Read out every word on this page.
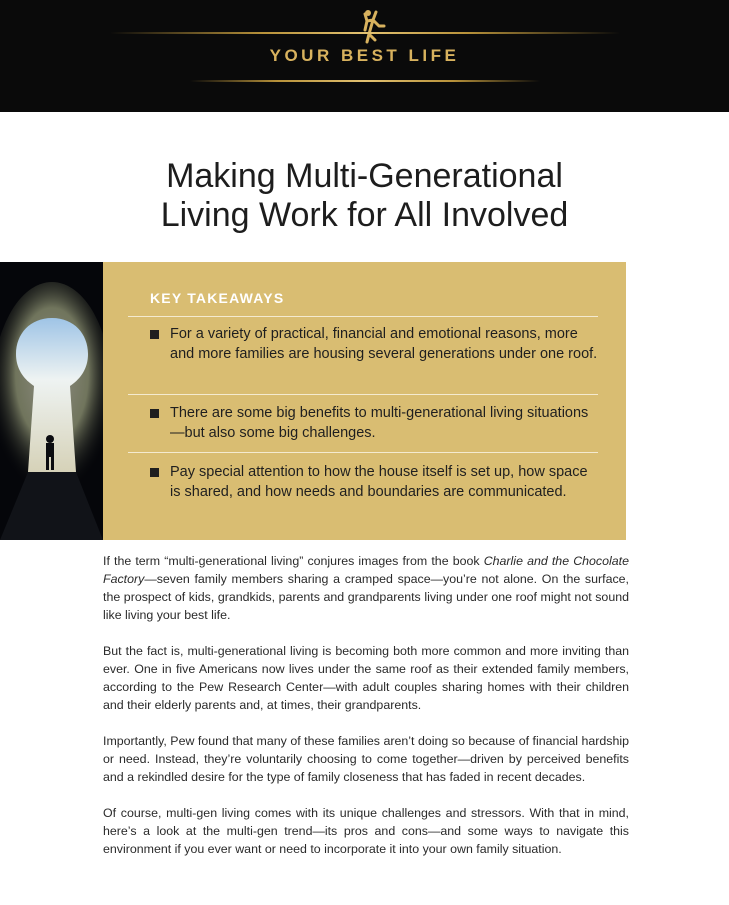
YOUR BEST LIFE
Making Multi-Generational
Living Work for All Involved
KEY TAKEAWAYS
For a variety of practical, financial and emotional reasons, more and more families are housing several generations under one roof.
There are some big benefits to multi-generational living situations—but also some big challenges.
Pay special attention to how the house itself is set up, how space is shared, and how needs and boundaries are communicated.

If the term “multi-generational living” conjures images from the book Charlie and the Chocolate Factory—seven family members sharing a cramped space—you’re not alone. On the surface, the prospect of kids, grandkids, parents and grandparents living under one roof might not sound like living your best life.

But the fact is, multi-generational living is becoming both more common and more inviting than ever. One in five Americans now lives under the same roof as their extended family members, according to the Pew Research Center—with adult couples sharing homes with their children and their elderly parents and, at times, their grandparents.

Importantly, Pew found that many of these families aren’t doing so because of financial hardship or need. Instead, they’re voluntarily choosing to come together—driven by perceived benefits and a rekindled desire for the type of family closeness that has faded in recent decades.

Of course, multi-gen living comes with its unique challenges and stressors. With that in mind, here’s a look at the multi-gen trend—its pros and cons—and some ways to navigate this environment if you ever want or need to incorporate it into your own family situation.
